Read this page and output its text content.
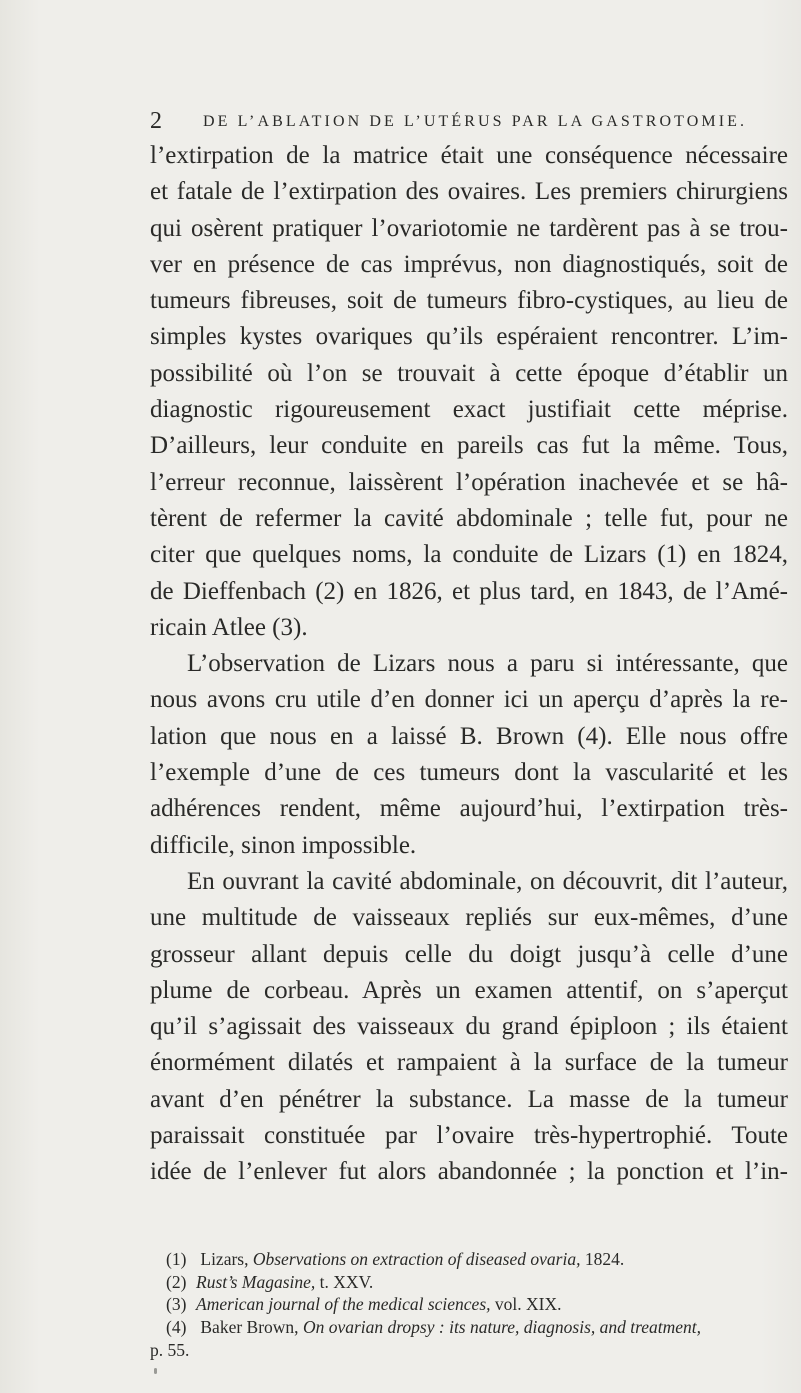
2	DE L’ABLATION DE L’UTÉRUS PAR LA GASTROTOMIE.
l’extirpation de la matrice était une conséquence nécessaire
et fatale de l’extirpation des ovaires. Les premiers chirurgiens
qui osèrent pratiquer l’ovariotomie ne tardèrent pas à se trou-
ver en présence de cas imprévus, non diagnostiqués, soit de
tumeurs fibreuses, soit de tumeurs fibro-cystiques, au lieu de
simples kystes ovariques qu’ils espéraient rencontrer. L’im-
possibilité où l’on se trouvait à cette époque d’établir un
diagnostic rigoureusement exact justifiait cette méprise.
D’ailleurs, leur conduite en pareils cas fut la même. Tous,
l’erreur reconnue, laissèrent l’opération inachevée et se hâ-
tèrent de refermer la cavité abdominale ; telle fut, pour ne
citer que quelques noms, la conduite de Lizars (1) en 1824,
de Dieffenbach (2) en 1826, et plus tard, en 1843, de l’Amé-
ricain Atlee (3).
L’observation de Lizars nous a paru si intéressante, que
nous avons cru utile d’en donner ici un aperçu d’après la re-
lation que nous en a laissé B. Brown (4). Elle nous offre
l’exemple d’une de ces tumeurs dont la vascularité et les
adhérences rendent, même aujourd’hui, l’extirpation très-
difficile, sinon impossible.
En ouvrant la cavité abdominale, on découvrit, dit l’auteur,
une multitude de vaisseaux repliés sur eux-mêmes, d’une
grosseur allant depuis celle du doigt jusqu’à celle d’une
plume de corbeau. Après un examen attentif, on s’aperçut
qu’il s’agissait des vaisseaux du grand épiploon ; ils étaient
énormément dilatés et rampaient à la surface de la tumeur
avant d’en pénétrer la substance. La masse de la tumeur
paraissait constituée par l’ovaire très-hypertrophié. Toute
idée de l’enlever fut alors abandonnée ; la ponction et l’in-
(1) Lizars, Observations on extraction of diseased ovaria, 1824.
(2) Rust’s Magasine, t. XXV.
(3) American journal of the medical sciences, vol. XIX.
(4) Baker Brown, On ovarian dropsy : its nature, diagnosis, and treatment,
p. 55.
